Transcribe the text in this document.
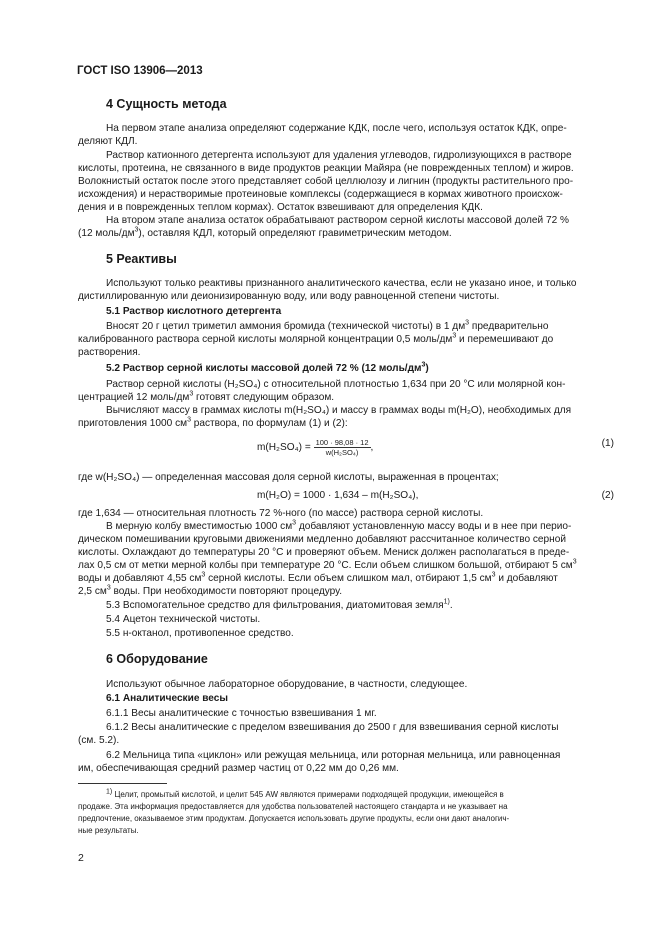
ГОСТ ISO 13906—2013
4 Сущность метода
На первом этапе анализа определяют содержание КДК, после чего, используя остаток КДК, опре-
деляют КДЛ.
Раствор катионного детергента используют для удаления углеводов, гидролизующихся в растворе
кислоты, протеина, не связанного в виде продуктов реакции Майяра (не поврежденных теплом) и жиров.
Волокнистый остаток после этого представляет собой целлюлозу и лигнин (продукты растительного про-
исхождения) и нерастворимые протеиновые комплексы (содержащиеся в кормах животного происхож-
дения и в поврежденных теплом кормах). Остаток взвешивают для определения КДК.
На втором этапе анализа остаток обрабатывают раствором серной кислоты массовой долей 72 %
(12 моль/$дм^3$), оставляя КДЛ, который определяют гравиметрическим методом.
5 Реактивы
Используют только реактивы признанного аналитического качества, если не указано иное, и только
дистиллированную или деионизированную воду, или воду равноценной степени чистоты.
5.1 Раствор кислотного детергента
Вносят 20 г цетил триметил аммония бромида (технической чистоты) в 1 $дм^3$ предварительно
калиброванного раствора серной кислоты молярной концентрации 0,5 моль/$дм^3$ и перемешивают до
растворения.
5.2 Раствор серной кислоты массовой долей 72 % (12 моль/$дм^3$)
Раствор серной кислоты (H₂SO₄) с относительной плотностью 1,634 при 20 °С или молярной кон-
центрацией 12 моль/$дм^3$ готовят следующим образом.
Вычисляют массу в граммах кислоты m(H₂SO₄) и массу в граммах воды m(H₂O), необходимых для
приготовления 1000 $см^3$ раствора, по формулам (1) и (2):
$m(H_2SO_4) = \frac{100 \cdot 98,08 \cdot 12}{\text{w(H₂SO₄)}}$ ,	(1)
где w(H₂SO₄) — определенная массовая доля серной кислоты, выраженная в процентах;
m(H₂O) = 1000 · 1,634 – m(H₂SO₄),	(2)
где 1,634 — относительная плотность 72 %-ного (по массе) раствора серной кислоты.
В мерную колбу вместимостью 1000 $см^3$ добавляют установленную массу воды и в нее при перио-
дическом помешивании круговыми движениями медленно добавляют рассчитанное количество серной
кислоты. Охлаждают до температуры 20 °С и проверяют объем. Мениск должен располагаться в преде-
лах 0,5 см от метки мерной колбы при температуре 20 °С. Если объем слишком большой, отбирают 5 $см^3$
воды и добавляют 4,55 $см^3$ серной кислоты. Если объем слишком мал, отбирают 1,5 $см^3$ и добавляют
2,5 $см^3$ воды. При необходимости повторяют процедуру.
5.3 Вспомогательное средство для фильтрования, диатомитовая земля$^{1)}$.
5.4 Ацетон технической чистоты.
5.5 н-октанол, противопенное средство.
6 Оборудование
Используют обычное лабораторное оборудование, в частности, следующее.
6.1 Аналитические весы
6.1.1 Весы аналитические с точностью взвешивания 1 мг.
6.1.2 Весы аналитические с пределом взвешивания до 2500 г для взвешивания серной кислоты
(см. 5.2).
6.2 Мельница типа «циклон» или режущая мельница, или роторная мельница, или равноценная
им, обеспечивающая средний размер частиц от 0,22 мм до 0,26 мм.
$^{1)}$ Целит, промытый кислотой, и целит 545 AW являются примерами подходящей продукции, имеющейся в
продаже. Эта информация предоставляется для удобства пользователей настоящего стандарта и не указывает на
предпочтение, оказываемое этим продуктам. Допускается использовать другие продукты, если они дают аналогич-
ные результаты.
2
